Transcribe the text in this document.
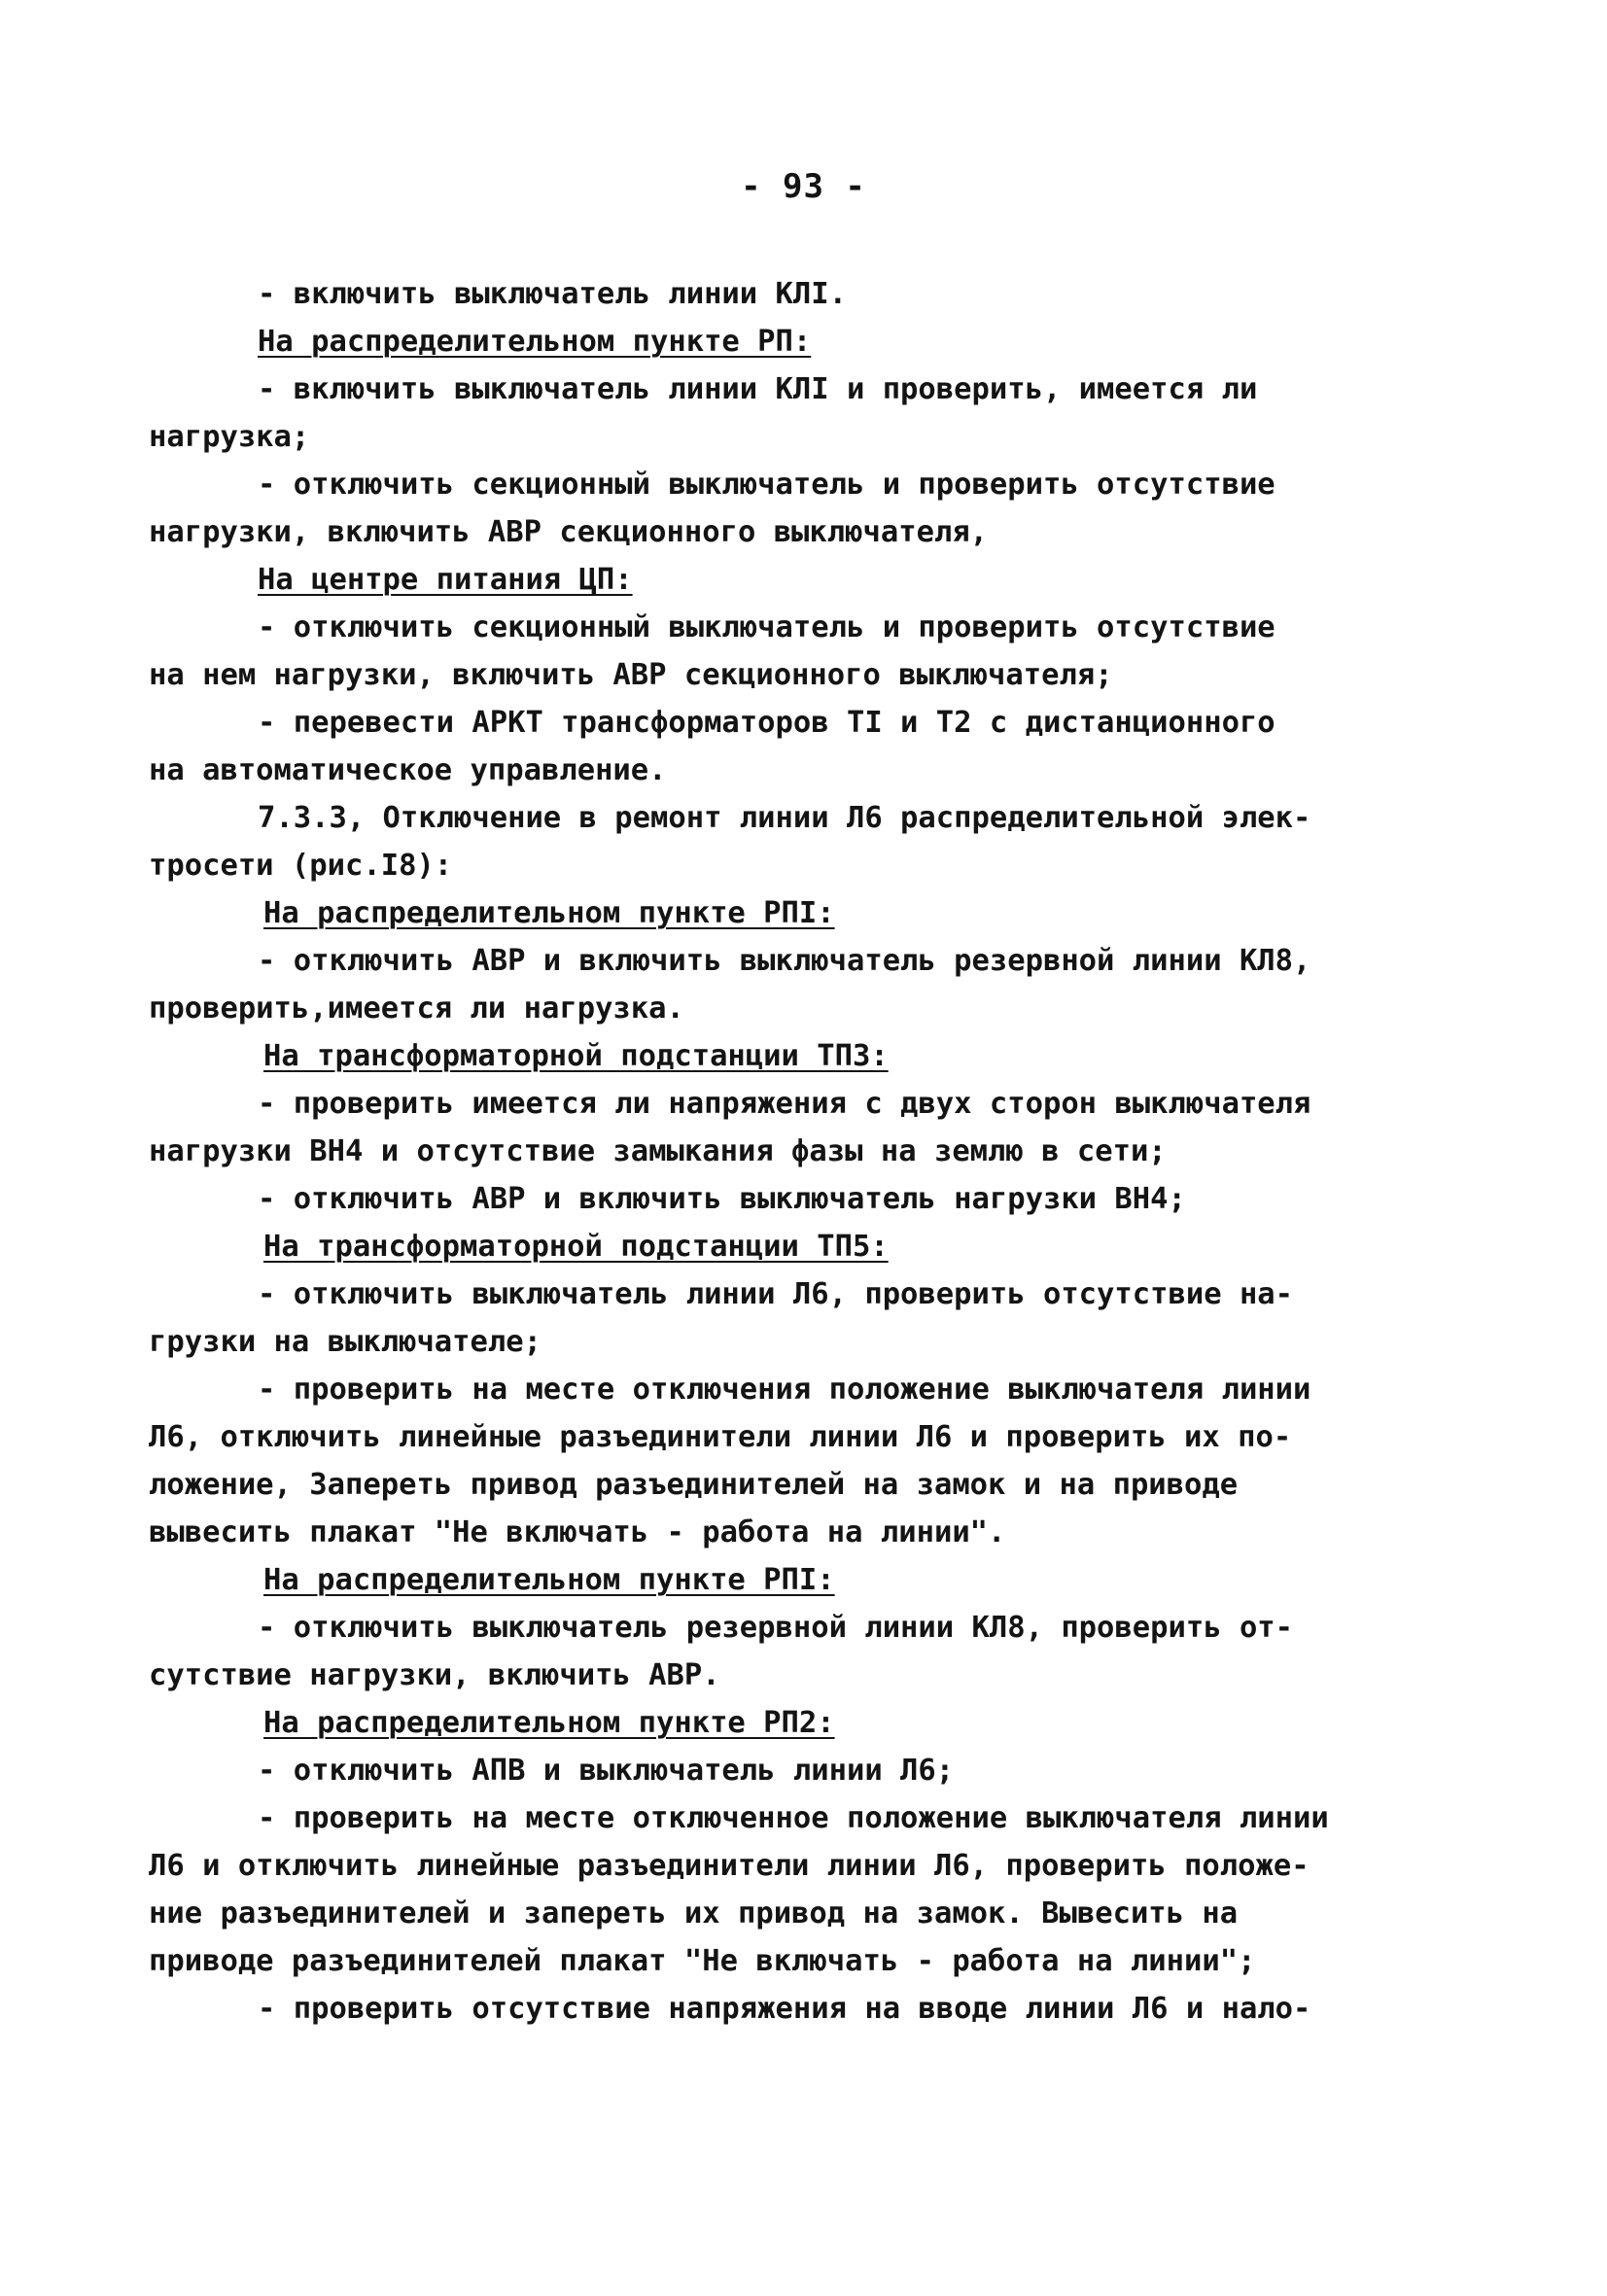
- 93 -
- включить выключатель линии КЛI.
На распределительном пункте РП:
- включить выключатель линии КЛI и проверить, имеется ли
нагрузка;
- отключить секционный выключатель и проверить отсутствие
нагрузки, включить АВР секционного выключателя,
На центре питания ЦП:
- отключить секционный выключатель и проверить отсутствие
на нем нагрузки, включить АВР секционного выключателя;
- перевести АРКТ трансформаторов TI и Т2 с дистанционного
на автоматическое управление.
7.3.3, Отключение в ремонт линии Л6 распределительной элек-
тросети (рис.I8):
На распределительном пункте РПI:
- отключить АВР и включить выключатель резервной линии КЛ8,
проверить,имеется ли нагрузка.
На трансформаторной подстанции ТП3:
- проверить имеется ли напряжения с двух сторон выключателя
нагрузки ВН4 и отсутствие замыкания фазы на землю в сети;
- отключить АВР и включить выключатель нагрузки ВН4;
На трансформаторной подстанции ТП5:
- отключить выключатель линии Л6, проверить отсутствие на-
грузки на выключателе;
- проверить на месте отключения положение выключателя линии
Л6, отключить линейные разъединители линии Л6 и проверить их по-
ложение, Запереть привод разъединителей на замок и на приводе
вывесить плакат "Не включать - работа на линии".
На распределительном пункте РПI:
- отключить выключатель резервной линии КЛ8, проверить от-
сутствие нагрузки, включить АВР.
На распределительном пункте РП2:
- отключить АПВ и выключатель линии Л6;
- проверить на месте отключенное положение выключателя линии
Л6 и отключить линейные разъединители линии Л6, проверить положе-
ние разъединителей и запереть их привод на замок. Вывесить на
приводе разъединителей плакат "Не включать - работа на линии";
- проверить отсутствие напряжения на вводе линии Л6 и нало-
